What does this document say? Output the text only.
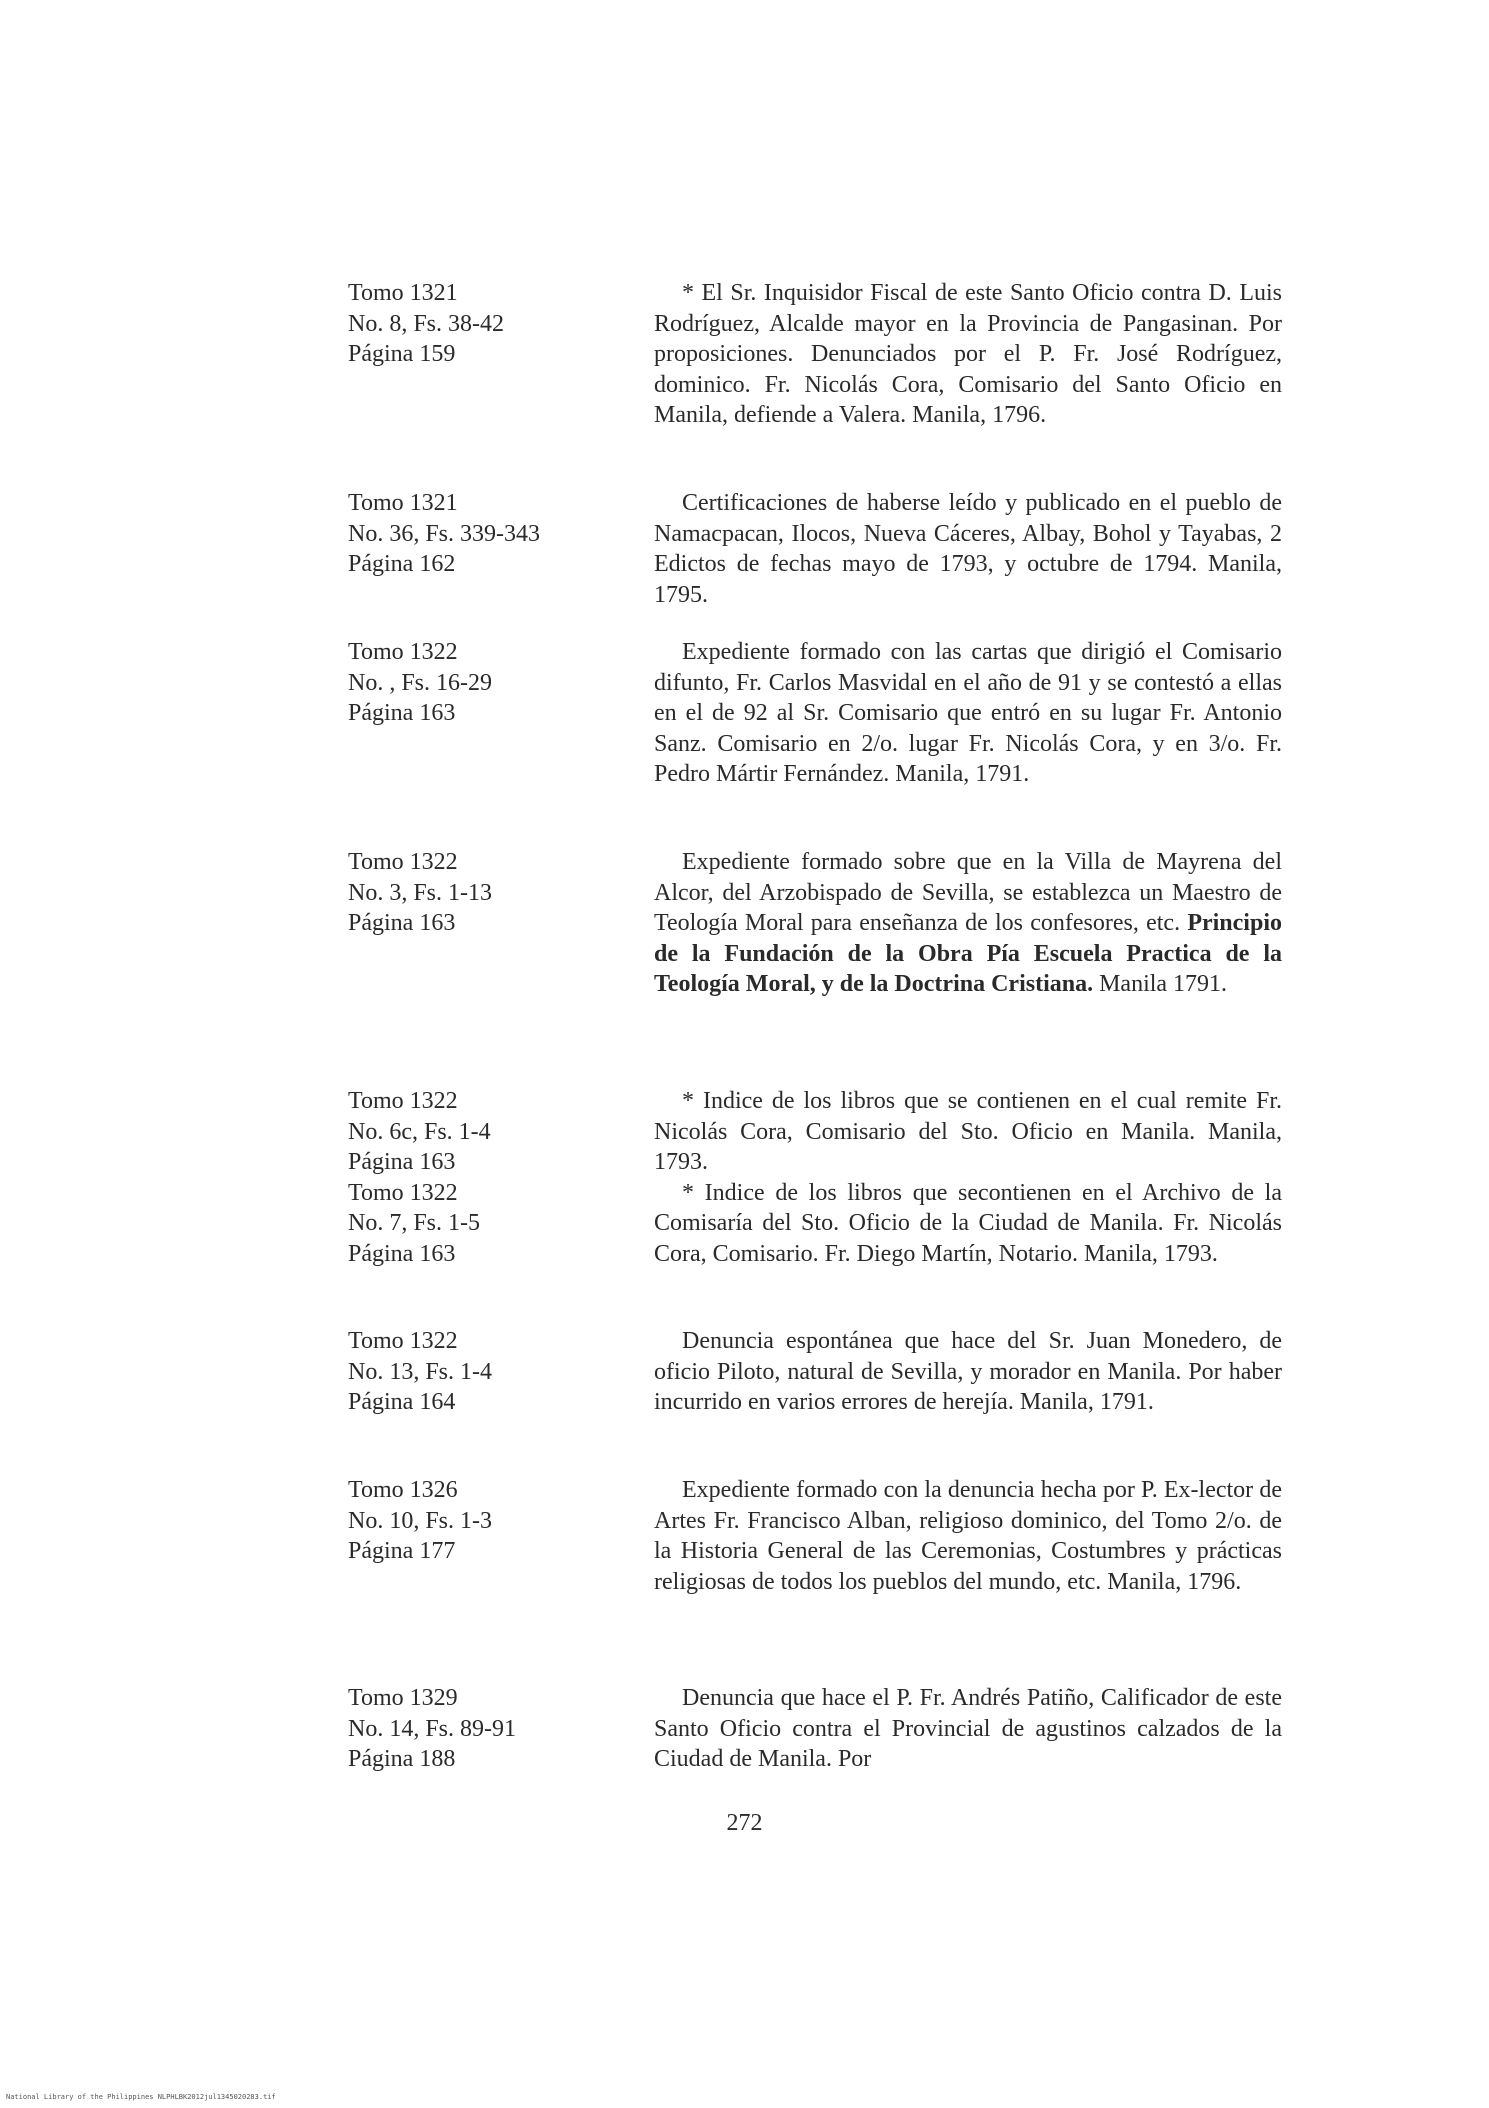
Tomo 1321
No. 8, Fs. 38-42
Página 159

* El Sr. Inquisidor Fiscal de este Santo Oficio contra D. Luis Rodríguez, Alcalde mayor en la Provincia de Pangasinan. Por proposiciones. Denunciados por el P. Fr. José Rodríguez, dominico. Fr. Nicolás Cora, Comisario del Santo Oficio en Manila, defiende a Valera. Manila, 1796.

Tomo 1321
No. 36, Fs. 339-343
Página 162

Certificaciones de haberse leído y publicado en el pueblo de Namacpacan, Ilocos, Nueva Cáceres, Albay, Bohol y Tayabas, 2 Edictos de fechas mayo de 1793, y octubre de 1794. Manila, 1795.

Tomo 1322
No. , Fs. 16-29
Página 163

Expediente formado con las cartas que dirigió el Comisario difunto, Fr. Carlos Masvidal en el año de 91 y se contestó a ellas en el de 92 al Sr. Comisario que entró en su lugar Fr. Antonio Sanz. Comisario en 2/o. lugar Fr. Nicolás Cora, y en 3/o. Fr. Pedro Mártir Fernández. Manila, 1791.

Tomo 1322
No. 3, Fs. 1-13
Página 163

Expediente formado sobre que en la Villa de Mayrena del Alcor, del Arzobispado de Sevilla, se establezca un Maestro de Teología Moral para enseñanza de los confesores, etc. Principio de la Fundación de la Obra Pía Escuela Practica de la Teología Moral, y de la Doctrina Cristiana. Manila 1791.

Tomo 1322
No. 6c, Fs. 1-4
Página 163
Tomo 1322
No. 7, Fs. 1-5
Página 163

* Indice de los libros que se contienen en el cual remite Fr. Nicolás Cora, Comisario del Sto. Oficio en Manila. Manila, 1793.

* Indice de los libros que secontienen en el Archivo de la Comisaría del Sto. Oficio de la Ciudad de Manila. Fr. Nicolás Cora, Comisario. Fr. Diego Martín, Notario. Manila, 1793.

Tomo 1322
No. 13, Fs. 1-4
Página 164

Denuncia espontánea que hace del Sr. Juan Monedero, de oficio Piloto, natural de Sevilla, y morador en Manila. Por haber incurrido en varios errores de herejía. Manila, 1791.

Tomo 1326
No. 10, Fs. 1-3
Página 177

Expediente formado con la denuncia hecha por P. Ex-lector de Artes Fr. Francisco Alban, religioso dominico, del Tomo 2/o. de la Historia General de las Ceremonias, Costumbres y prácticas religiosas de todos los pueblos del mundo, etc. Manila, 1796.

Tomo 1329
No. 14, Fs. 89-91
Página 188

Denuncia que hace el P. Fr. Andrés Patiño, Calificador de este Santo Oficio contra el Provincial de agustinos calzados de la Ciudad de Manila. Por

272
National Library of the Philippines NLPHLBK2012jul1345020283.tif
